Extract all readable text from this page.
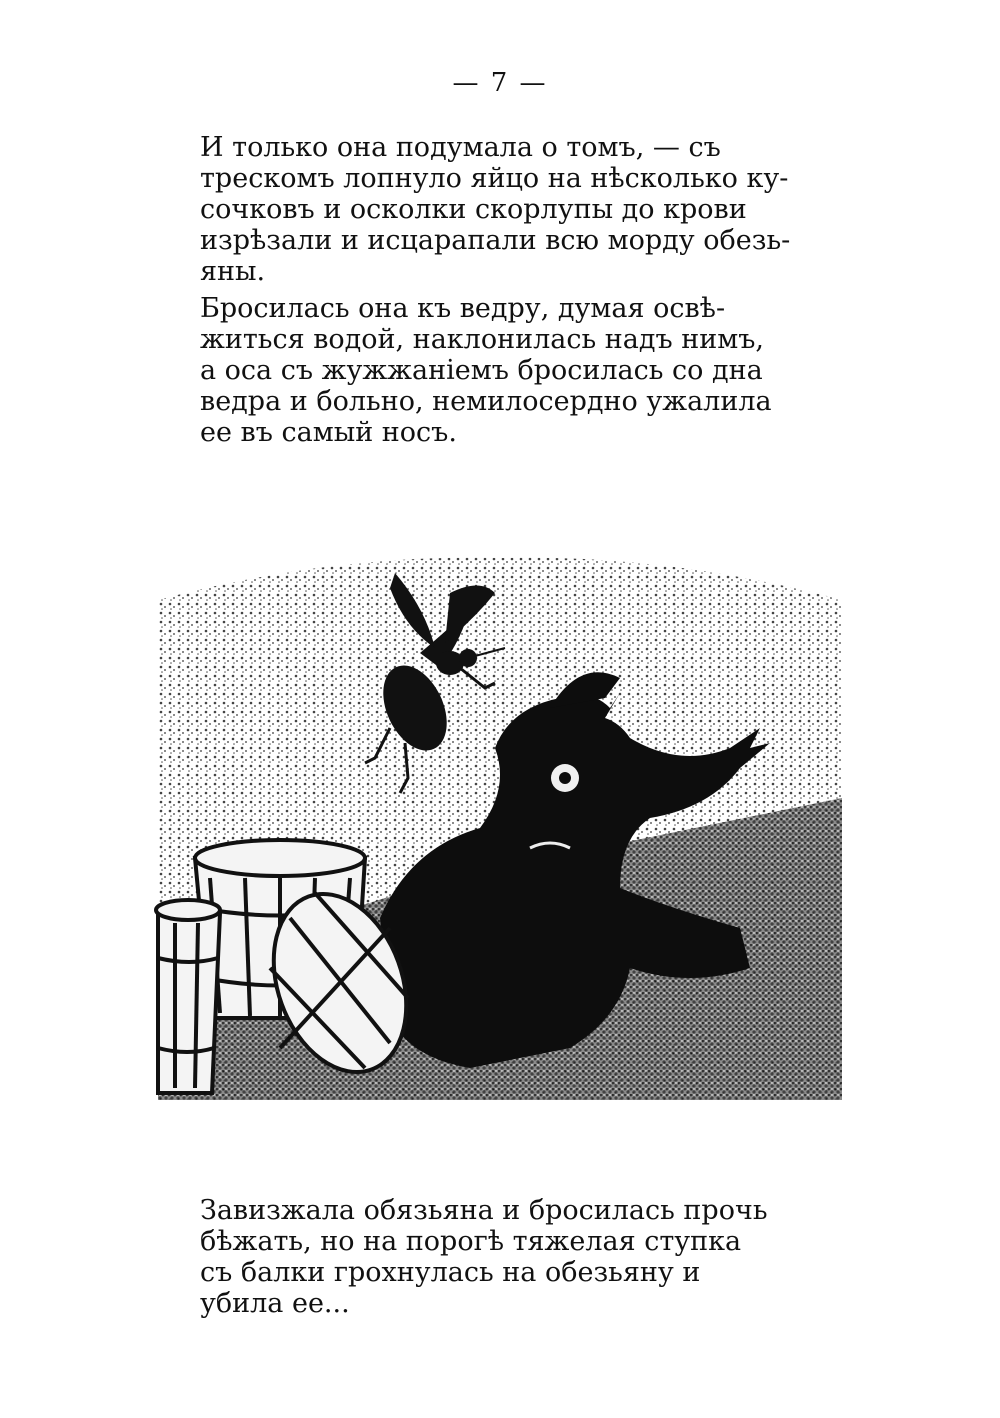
— 7 —

И только она подумала о томъ, — съ
трескомъ лопнуло яйцо на нѣсколько ку-
сочковъ и осколки скорлупы до крови
изрѣзали и исцарапали всю морду обезь-
яны.

Бросилась она къ ведру, думая освѣ-
житься водой, наклонилась надъ нимъ,
а оса съ жужжаніемъ бросилась со дна
ведра и больно, немилосердно ужалила
ее въ самый носъ.

Завизжала обязьяна и бросилась прочь
бѣжать, но на порогѣ тяжелая ступка
съ балки грохнулась на обезьяну и
убила ее...
